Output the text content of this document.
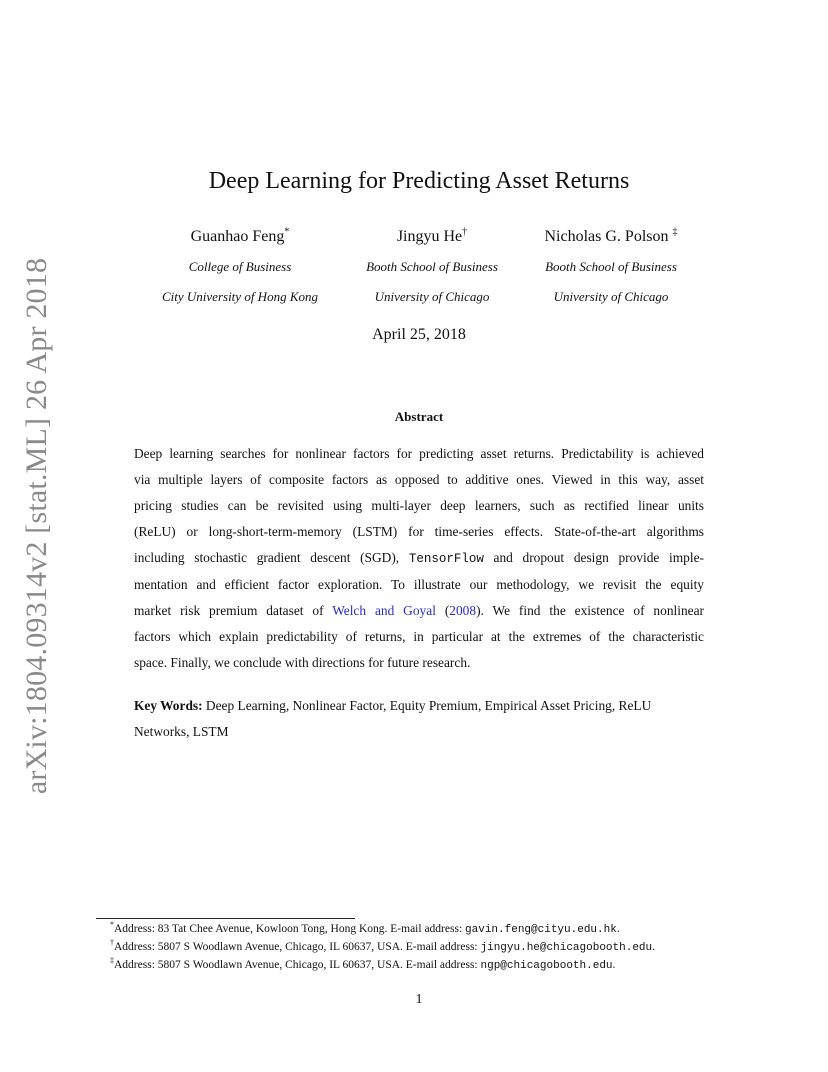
arXiv:1804.09314v2 [stat.ML] 26 Apr 2018
Deep Learning for Predicting Asset Returns
Guanhao Feng*
College of Business
City University of Hong Kong
Jingyu He†
Booth School of Business
University of Chicago
Nicholas G. Polson ‡
Booth School of Business
University of Chicago
April 25, 2018
Abstract
Deep learning searches for nonlinear factors for predicting asset returns. Predictability is achieved
via multiple layers of composite factors as opposed to additive ones. Viewed in this way, asset
pricing studies can be revisited using multi-layer deep learners, such as rectified linear units
(ReLU) or long-short-term-memory (LSTM) for time-series effects. State-of-the-art algorithms
including stochastic gradient descent (SGD), TensorFlow and dropout design provide imple-
mentation and efficient factor exploration. To illustrate our methodology, we revisit the equity
market risk premium dataset of Welch and Goyal (2008). We find the existence of nonlinear
factors which explain predictability of returns, in particular at the extremes of the characteristic
space. Finally, we conclude with directions for future research.
Key Words: Deep Learning, Nonlinear Factor, Equity Premium, Empirical Asset Pricing, ReLU
Networks, LSTM
*Address: 83 Tat Chee Avenue, Kowloon Tong, Hong Kong. E-mail address: gavin.feng@cityu.edu.hk.
†Address: 5807 S Woodlawn Avenue, Chicago, IL 60637, USA. E-mail address: jingyu.he@chicagobooth.edu.
‡Address: 5807 S Woodlawn Avenue, Chicago, IL 60637, USA. E-mail address: ngp@chicagobooth.edu.
1
